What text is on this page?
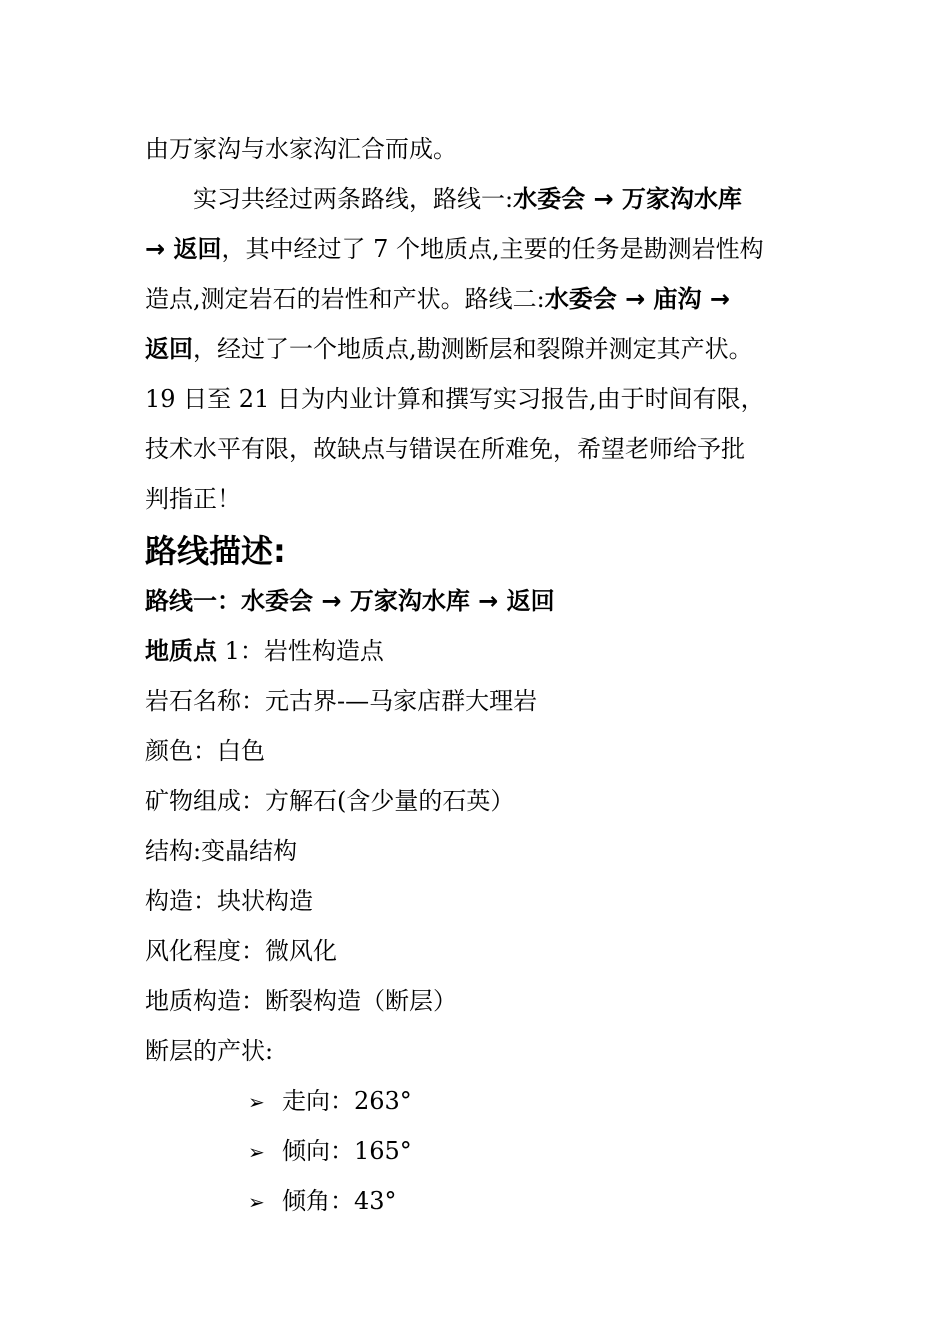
由万家沟与水家沟汇合而成。
实习共经过两条路线，路线一:水委会 → 万家沟水库
→ 返回，其中经过了 7 个地质点,主要的任务是勘测岩性构
造点,测定岩石的岩性和产状。路线二:水委会 → 庙沟 →
返回，经过了一个地质点,勘测断层和裂隙并测定其产状。
19 日至 21 日为内业计算和撰写实习报告,由于时间有限，
技术水平有限，故缺点与错误在所难免，希望老师给予批
判指正！
路线描述:
路线一：水委会 → 万家沟水库 → 返回
地质点 1：岩性构造点
岩石名称：元古界-—马家店群大理岩
颜色：白色
矿物组成：方解石(含少量的石英）
结构:变晶结构
构造：块状构造
风化程度：微风化
地质构造：断裂构造（断层）
断层的产状:
➢ 走向：263°
➢ 倾向：165°
➢ 倾角：43°
